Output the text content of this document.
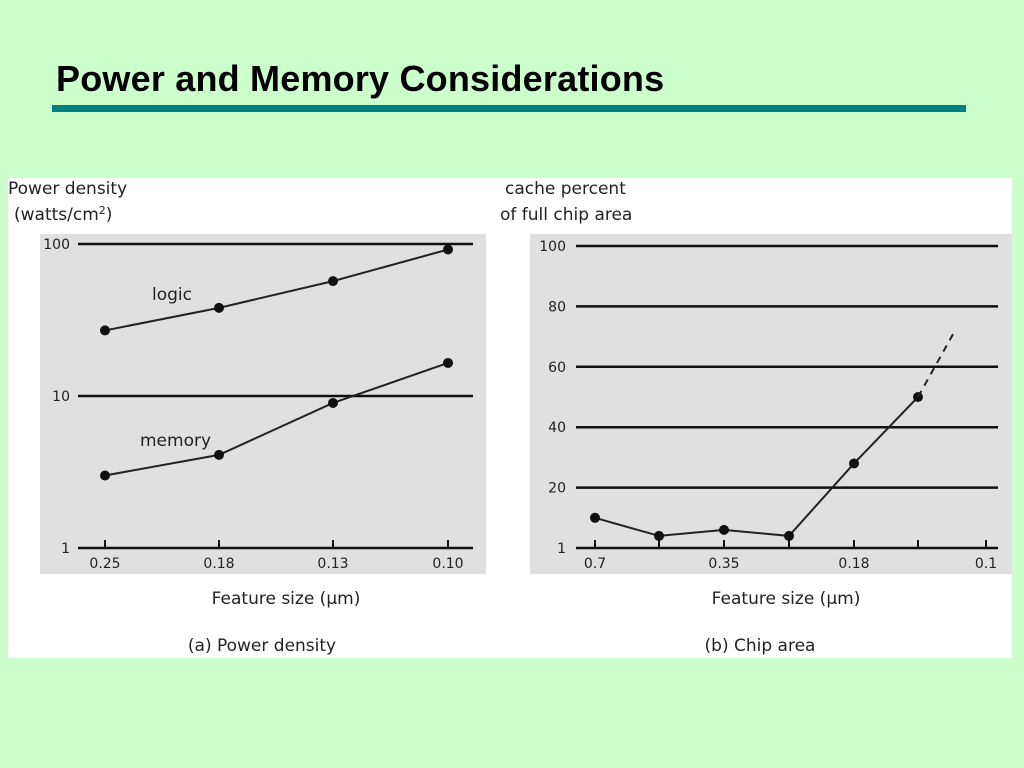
Power and Memory Considerations
Power density
$(watts/cm^2)$
100
10
1
0.25	0.18	0.13	0.10
logic
memory
Feature size (µm)
(a) Power density
cache percent
of full chip area
100
80
60
40
20
1
0.7	0.35	0.18	0.1
Feature size (µm)
(b) Chip area
